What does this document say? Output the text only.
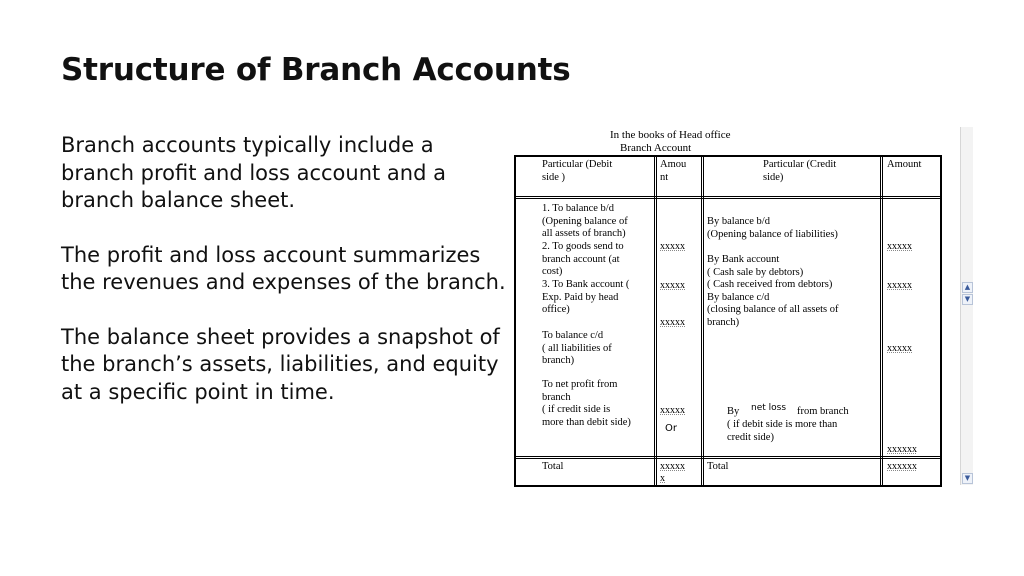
Structure of Branch Accounts

Branch accounts typically include a branch profit and loss account and a branch balance sheet.

The profit and loss account summarizes the revenues and expenses of the branch.

The balance sheet provides a snapshot of the branch’s assets, liabilities, and equity at a specific point in time.

In the books of Head office
Branch Account
Particular (Debit
side )
Amou
nt
Particular (Credit
side)
Amount
1. To balance b/d
(Opening balance of
all assets of branch)
2. To goods send to
branch account (at
cost)
3. To Bank account (
Exp. Paid by head
office)
To balance c/d
( all liabilities of
branch)
To net profit from
branch
( if credit side is
more than debit side)
xxxxx
xxxxx
xxxxx
xxxxx
Or
By balance b/d
(Opening balance of liabilities)
By Bank account
( Cash sale by debtors)
( Cash received from debtors)
By balance c/d
(closing balance of all assets of
branch)
By net loss from branch
( if debit side is more than
credit side)
xxxxx
xxxxx
xxxxx
xxxxxx
Total	xxxxx
x
Total	xxxxxx
▲
▼
▼
